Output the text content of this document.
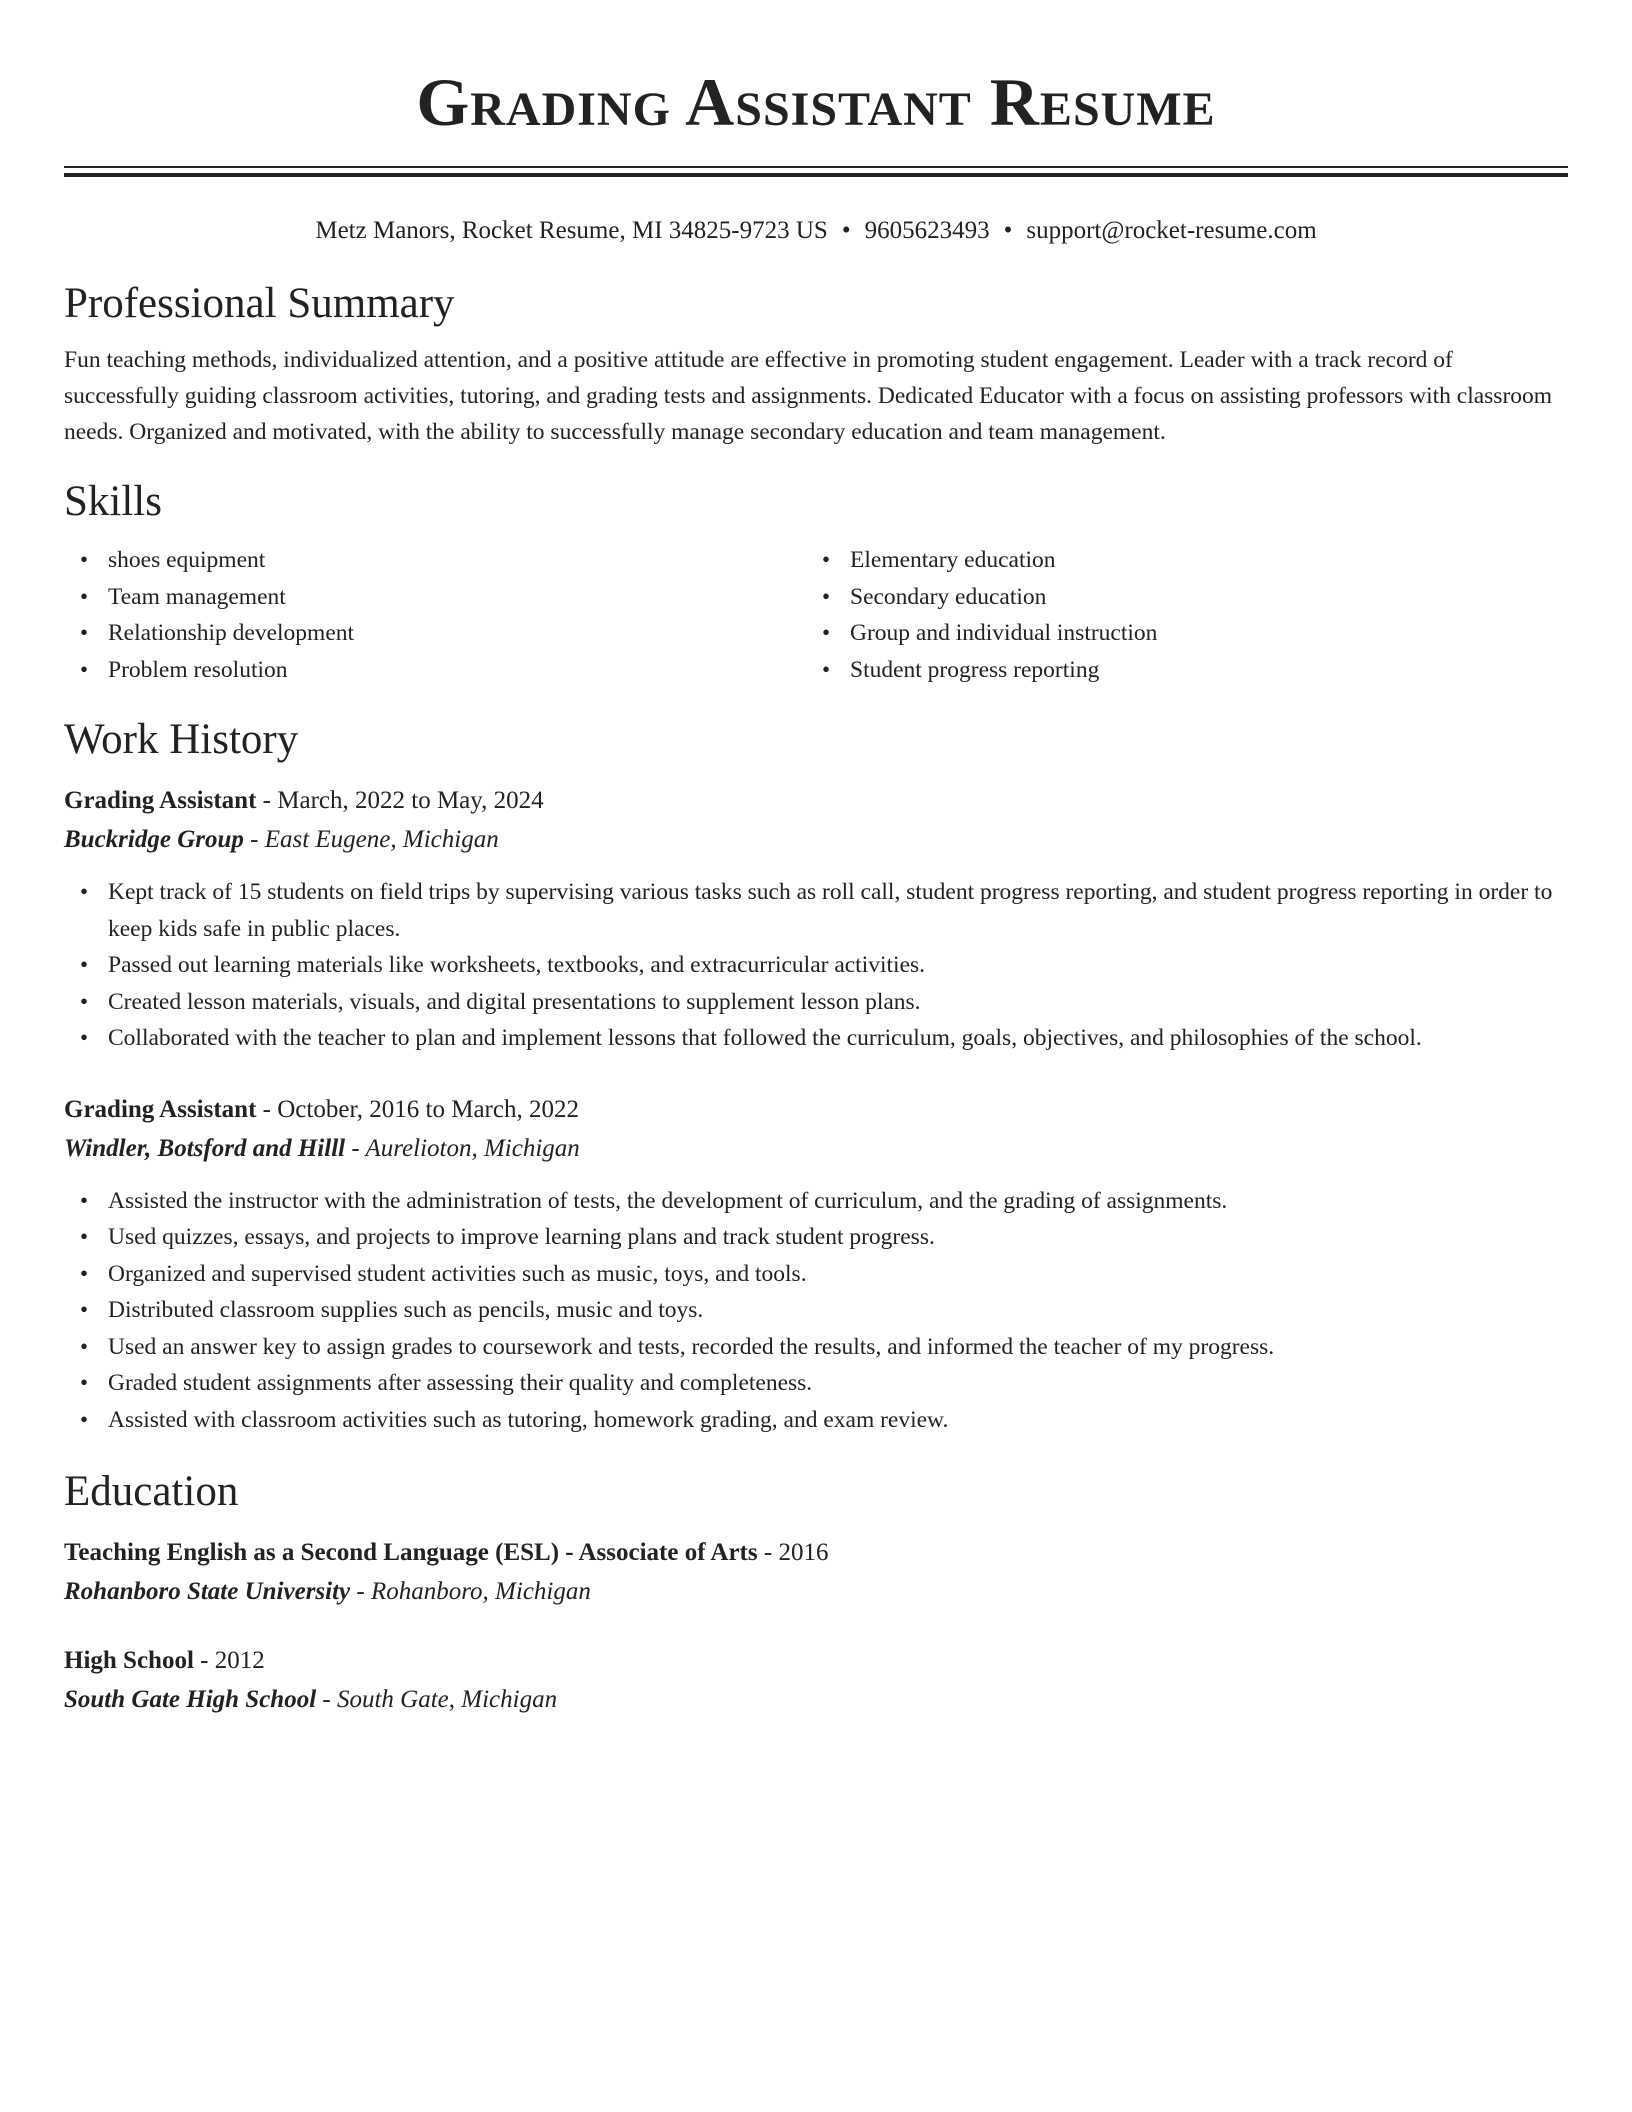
Grading Assistant Resume
Metz Manors, Rocket Resume, MI 34825-9723 US • 9605623493 • support@rocket-resume.com
Professional Summary
Fun teaching methods, individualized attention, and a positive attitude are effective in promoting student engagement. Leader with a track record of successfully guiding classroom activities, tutoring, and grading tests and assignments. Dedicated Educator with a focus on assisting professors with classroom needs. Organized and motivated, with the ability to successfully manage secondary education and team management.
Skills
• shoes equipment
• Team management
• Relationship development
• Problem resolution
• Elementary education
• Secondary education
• Group and individual instruction
• Student progress reporting
Work History
Grading Assistant - March, 2022 to May, 2024
Buckridge Group - East Eugene, Michigan
• Kept track of 15 students on field trips by supervising various tasks such as roll call, student progress reporting, and student progress reporting in order to keep kids safe in public places.
• Passed out learning materials like worksheets, textbooks, and extracurricular activities.
• Created lesson materials, visuals, and digital presentations to supplement lesson plans.
• Collaborated with the teacher to plan and implement lessons that followed the curriculum, goals, objectives, and philosophies of the school.
Grading Assistant - October, 2016 to March, 2022
Windler, Botsford and Hilll - Aurelioton, Michigan
• Assisted the instructor with the administration of tests, the development of curriculum, and the grading of assignments.
• Used quizzes, essays, and projects to improve learning plans and track student progress.
• Organized and supervised student activities such as music, toys, and tools.
• Distributed classroom supplies such as pencils, music and toys.
• Used an answer key to assign grades to coursework and tests, recorded the results, and informed the teacher of my progress.
• Graded student assignments after assessing their quality and completeness.
• Assisted with classroom activities such as tutoring, homework grading, and exam review.
Education
Teaching English as a Second Language (ESL) - Associate of Arts - 2016
Rohanboro State University - Rohanboro, Michigan
High School - 2012
South Gate High School - South Gate, Michigan
